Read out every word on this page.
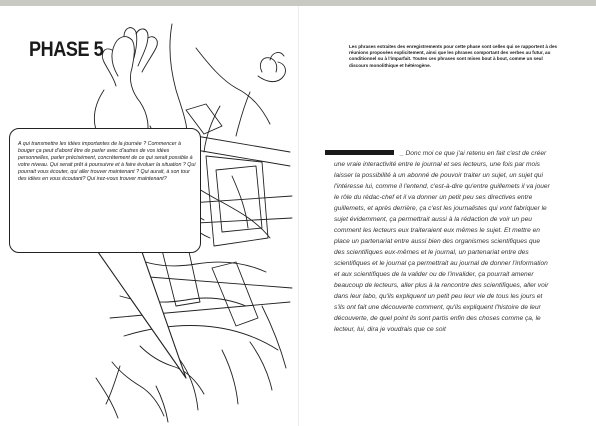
PHASE 5	Les phrases extraites des enregistrements pour cette phase sont celles qui se rapportent à des réunions proposées explicitement, ainsi que les phrases comportant des verbes au futur, au conditionnel ou à l'imparfait. Toutes ces phrases sont mises bout à bout, comme un seul discours monolithique et hétérogène.
A qui transmettre les idées importantes de la journée ? Commencer à bouger ça peut d'abord être de parler avec d'autres de vos idées personnelles, parler précisément, concrètement de ce qui serait possible à votre niveau. Qui serait prêt à poursuivre et à faire évoluer la situation ? Qui pourrait vous écouter, qui aller trouver maintenant ? Qui aurait, à son tour des idées en vous écoutant? Qui irez-vous trouver maintenant?
_ Donc moi ce que j'ai retenu en fait c'est de créer une vraie interactivité entre le journal et ses lecteurs, une fois par mois laisser la possibilité à un abonné de pouvoir traiter un sujet, un sujet qui l'intéresse lui, comme il l'entend, c'est-à-dire qu'entre guillemets il va jouer le rôle du rédac-chef et il va donner un petit peu ses directives entre guillemets, et après derrière, ça c'est les journalistes qui vont fabriquer le sujet évidemment, ça permettrait aussi à la rédaction de voir un peu comment les lecteurs eux traiteraient eux mêmes le sujet. Et mettre en place un partenariat entre aussi bien des organismes scientifiques que des scientifiques eux-mêmes et le journal, un partenariat entre des scientifiques et le journal ça permettrait au journal de donner l'information et aux scientifiques de la valider ou de l'invalider, ça pourrait amener beaucoup de lecteurs, aller plus à la rencontre des scientifiques, aller voir dans leur labo, qu'ils expliquent un petit peu leur vie de tous les jours et s'ils ont fait une découverte comment, qu'ils expliquent l'histoire de leur découverte, de quel point ils sont partis enfin des choses comme ça, le lecteur, lui, dira je voudrais que ce soit
